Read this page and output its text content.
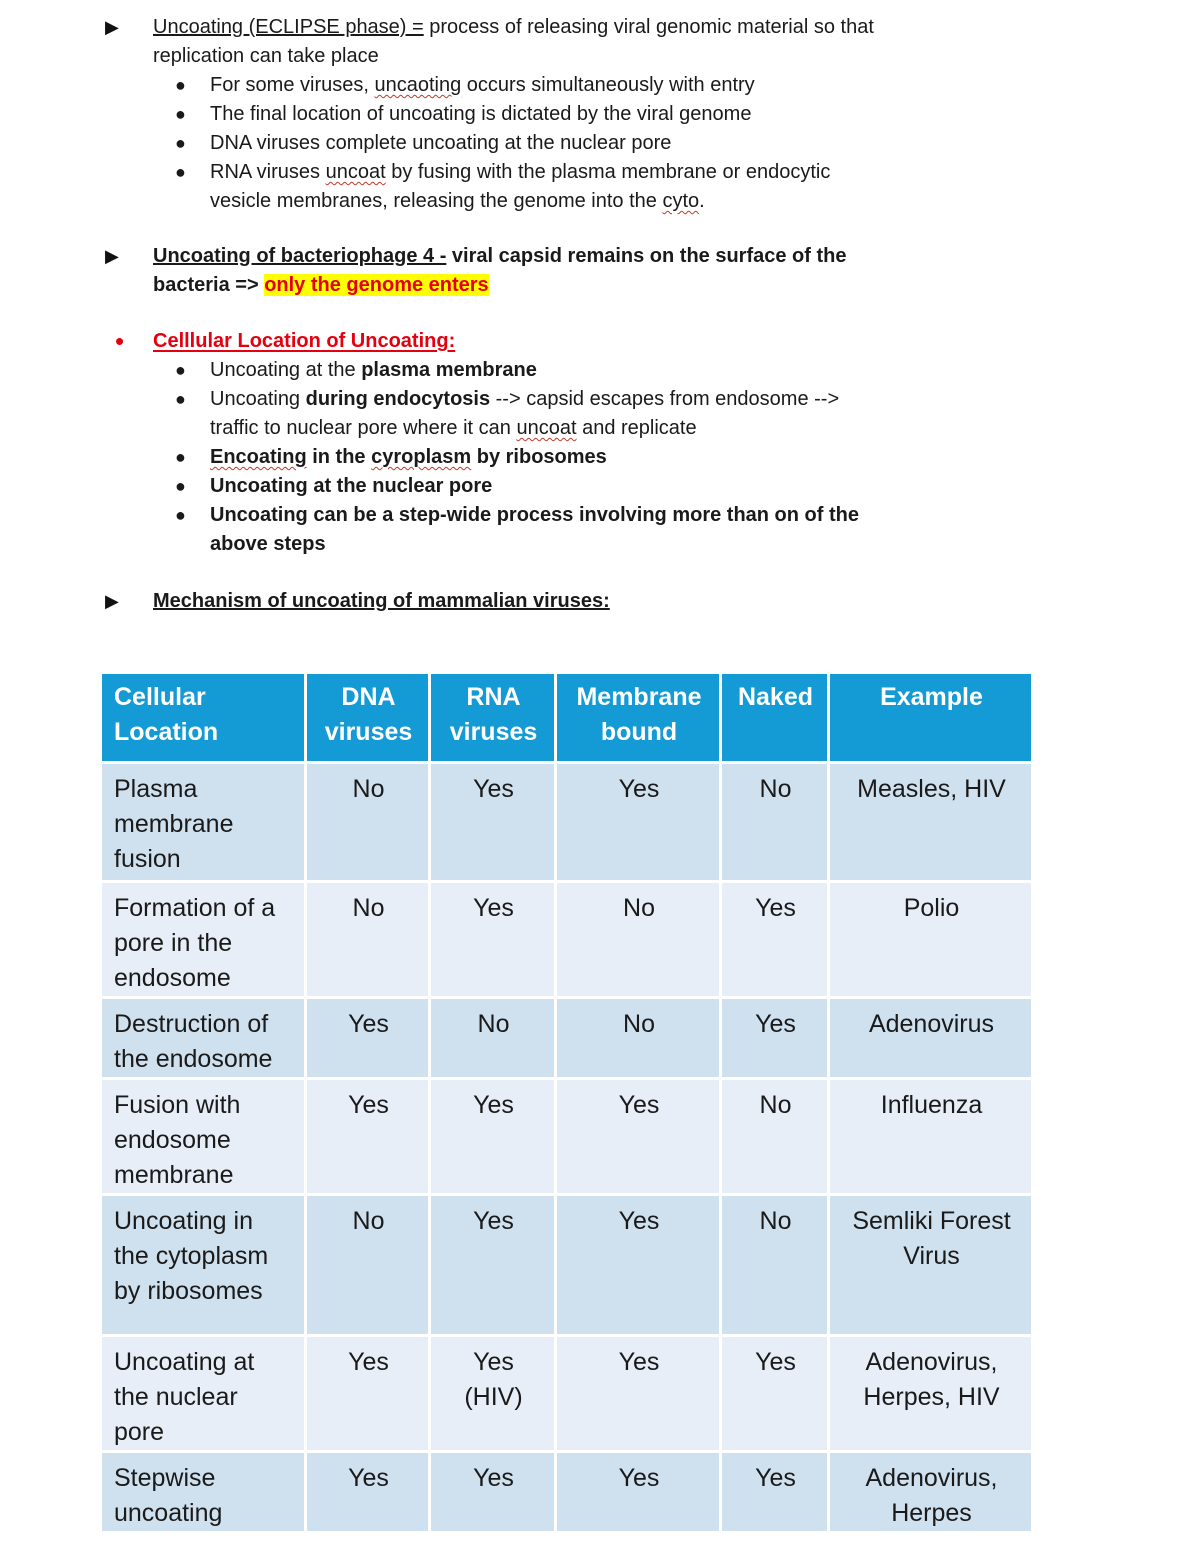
▶	Uncoating (ECLIPSE phase) = process of releasing viral genomic material so that
replication can take place
● For some viruses, uncaoting occurs simultaneously with entry
● The final location of uncoating is dictated by the viral genome
● DNA viruses complete uncoating at the nuclear pore
● RNA viruses uncoat by fusing with the plasma membrane or endocytic
vesicle membranes, releasing the genome into the cyto.
▶	Uncoating of bacteriophage 4 - viral capsid remains on the surface of the
bacteria => only the genome enters
•	Celllular Location of Uncoating:
● Uncoating at the plasma membrane
● Uncoating during endocytosis --> capsid escapes from endosome -->
traffic to nuclear pore where it can uncoat and replicate
● Encoating in the cyroplasm by ribosomes
● Uncoating at the nuclear pore
● Uncoating can be a step-wide process involving more than on of the
above steps
▶	Mechanism of uncoating of mammalian viruses:
Cellular Location	DNA viruses	RNA viruses	Membrane bound	Naked	Example
Plasma membrane fusion	No	Yes	Yes	No	Measles, HIV
Formation of a pore in the endosome	No	Yes	No	Yes	Polio
Destruction of the endosome	Yes	No	No	Yes	Adenovirus
Fusion with endosome membrane	Yes	Yes	Yes	No	Influenza
Uncoating in the cytoplasm by ribosomes	No	Yes	Yes	No	Semliki Forest Virus
Uncoating at the nuclear pore	Yes	Yes (HIV)	Yes	Yes	Adenovirus, Herpes, HIV
Stepwise uncoating	Yes	Yes	Yes	Yes	Adenovirus, Herpes
